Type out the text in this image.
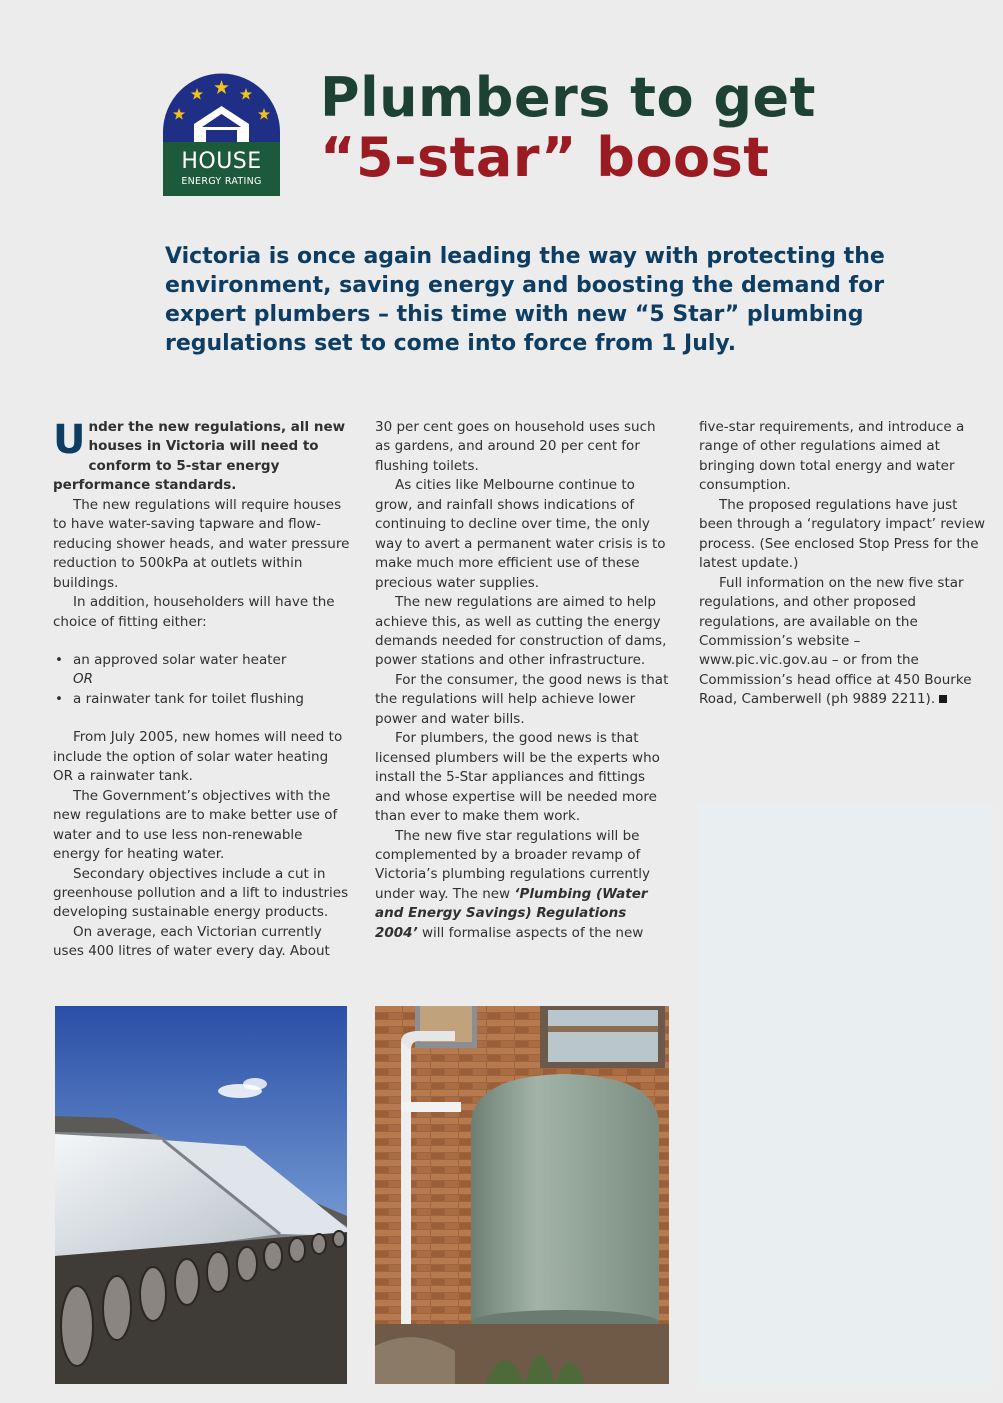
HOUSE
ENERGY RATING
Plumbers to get
“5-star” boost

Victoria is once again leading the way with protecting the environment, saving energy and boosting the demand for expert plumbers – this time with new “5 Star” plumbing regulations set to come into force from 1 July.

Under the new regulations, all new houses in Victoria will need to conform to 5-star energy performance standards.

The new regulations will require houses to have water-saving tapware and flow-reducing shower heads, and water pressure reduction to 500kPa at outlets within buildings.

In addition, householders will have the choice of fitting either:

• an approved solar water heater
OR
• a rainwater tank for toilet flushing

From July 2005, new homes will need to include the option of solar water heating OR a rainwater tank.

The Government’s objectives with the new regulations are to make better use of water and to use less non-renewable energy for heating water.

Secondary objectives include a cut in greenhouse pollution and a lift to industries developing sustainable energy products.

On average, each Victorian currently uses 400 litres of water every day. About

30 per cent goes on household uses such as gardens, and around 20 per cent for flushing toilets.

As cities like Melbourne continue to grow, and rainfall shows indications of continuing to decline over time, the only way to avert a permanent water crisis is to make much more efficient use of these precious water supplies.

The new regulations are aimed to help achieve this, as well as cutting the energy demands needed for construction of dams, power stations and other infrastructure.

For the consumer, the good news is that the regulations will help achieve lower power and water bills.

For plumbers, the good news is that licensed plumbers will be the experts who install the 5-Star appliances and fittings and whose expertise will be needed more than ever to make them work.

The new five star regulations will be complemented by a broader revamp of Victoria’s plumbing regulations currently under way. The new ‘Plumbing (Water and Energy Savings) Regulations 2004’ will formalise aspects of the new

five-star requirements, and introduce a range of other regulations aimed at bringing down total energy and water consumption.

The proposed regulations have just been through a ‘regulatory impact’ review process. (See enclosed Stop Press for the latest update.)

Full information on the new five star regulations, and other proposed regulations, are available on the Commission’s website – www.pic.vic.gov.au – or from the Commission’s head office at 450 Bourke Road, Camberwell (ph 9889 2211).
